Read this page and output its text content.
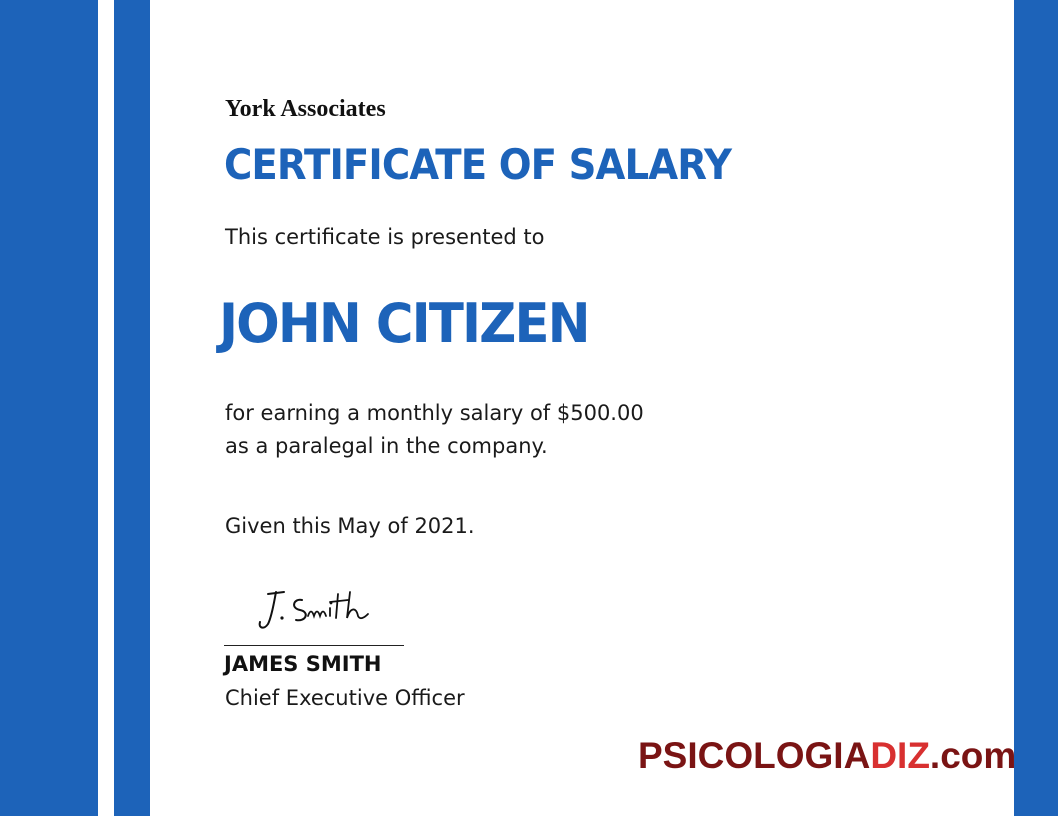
York Associates
CERTIFICATE OF SALARY
This certificate is presented to
JOHN CITIZEN
for earning a monthly salary of $500.00
as a paralegal in the company.
Given this May of 2021.
JAMES SMITH
Chief Executive Officer
PSICOLOGIADIZ.com
